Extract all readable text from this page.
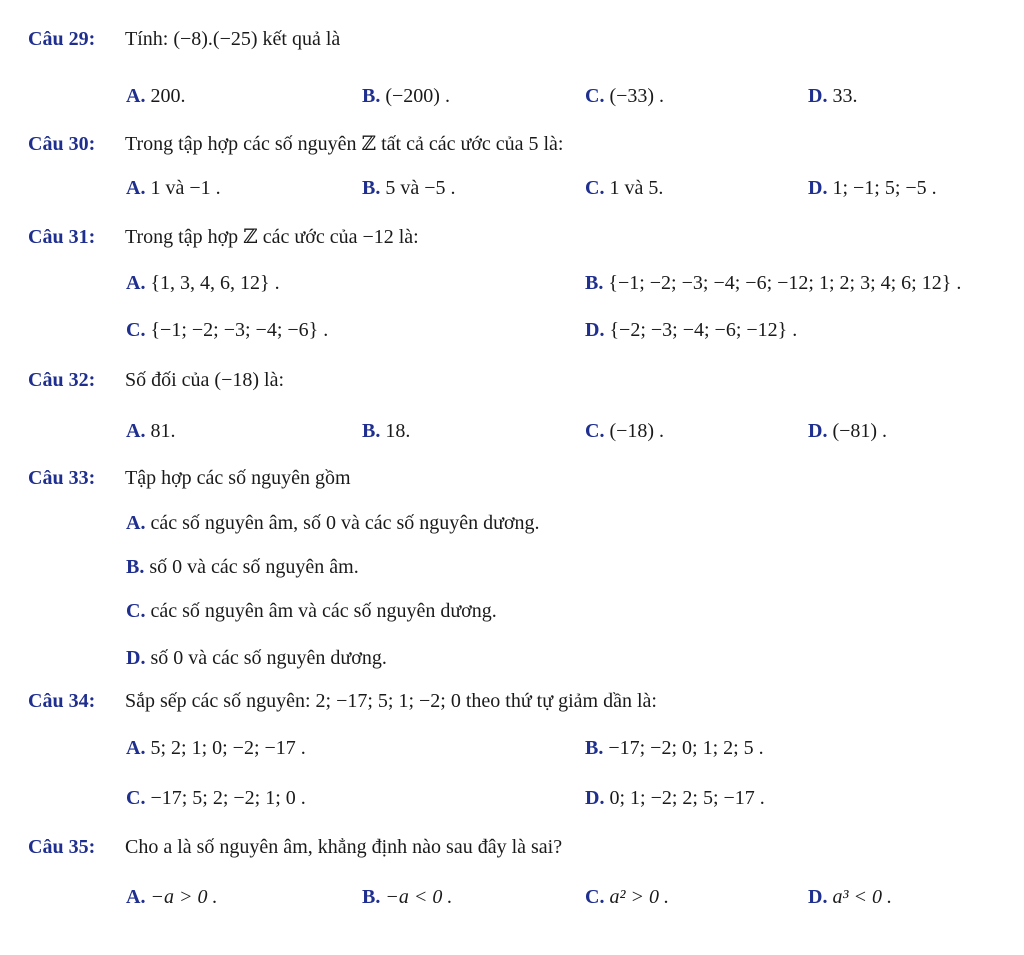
Câu 29: Tính: (−8).(−25) kết quả là
A. 200.	B. (−200) .	C. (−33) .	D. 33.
Câu 30: Trong tập hợp các số nguyên ℤ tất cả các ước của 5 là:
A. 1 và −1 .	B. 5 và −5 .	C. 1 và 5.	D. 1; −1; 5; −5 .
Câu 31: Trong tập hợp ℤ các ước của −12 là:
A. {1, 3, 4, 6, 12} .	B. {−1; −2; −3; −4; −6; −12; 1; 2; 3; 4; 6; 12} .
C. {−1; −2; −3; −4; −6} .	D. {−2; −3; −4; −6; −12} .
Câu 32: Số đối của (−18) là:
A. 81.	B. 18.	C. (−18) .	D. (−81) .
Câu 33: Tập hợp các số nguyên gồm
A. các số nguyên âm, số 0 và các số nguyên dương.
B. số 0 và các số nguyên âm.
C. các số nguyên âm và các số nguyên dương.
D. số 0 và các số nguyên dương.
Câu 34: Sắp sếp các số nguyên: 2; −17; 5; 1; −2; 0 theo thứ tự giảm dần là:
A. 5; 2; 1; 0; −2; −17 .	B. −17; −2; 0; 1; 2; 5 .
C. −17; 5; 2; −2; 1; 0 .	D. 0; 1; −2; 2; 5; −17 .
Câu 35: Cho a là số nguyên âm, khẳng định nào sau đây là sai?
A. −a > 0 .	B. −a < 0 .	C. a² > 0 .	D. a³ < 0 .
